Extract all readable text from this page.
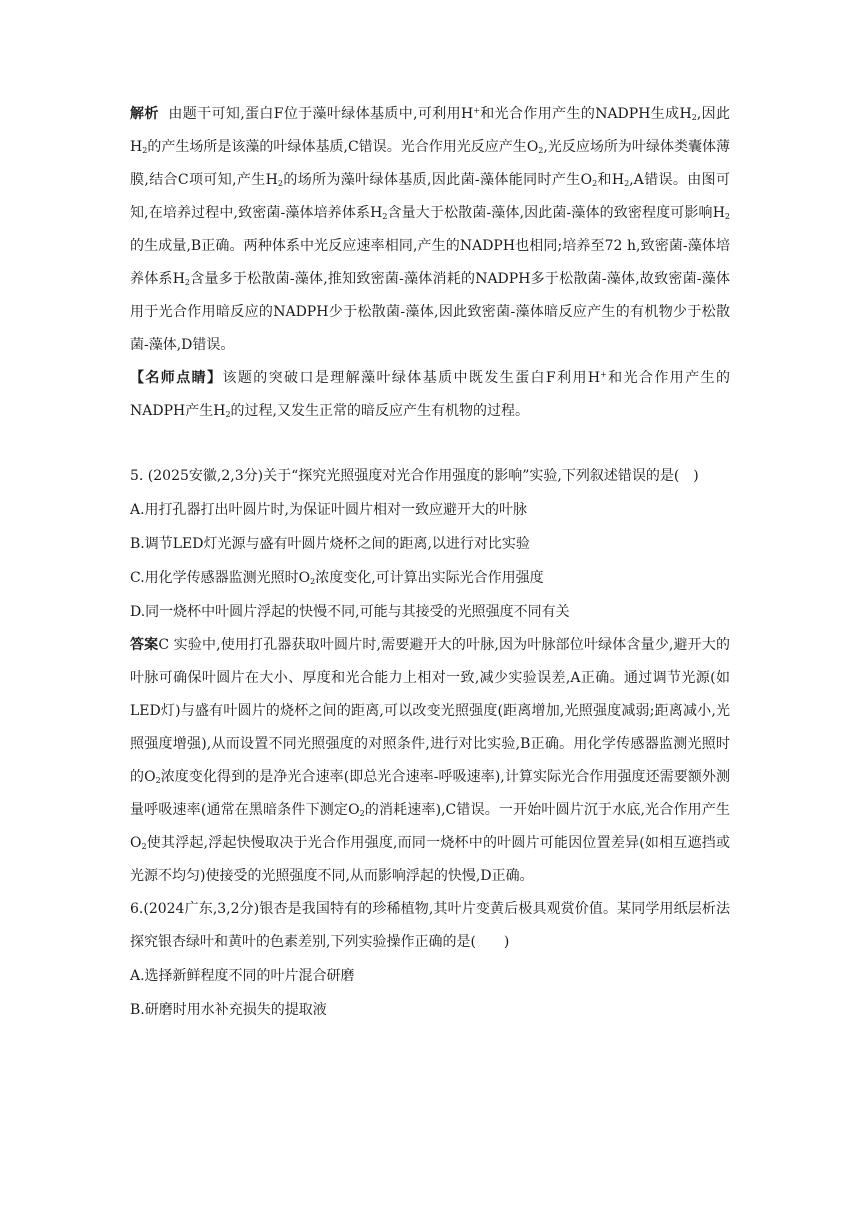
解析 由题干可知,蛋白F位于藻叶绿体基质中,可利用H+和光合作用产生的NADPH生成$H_2$,因此$H_2$的产生场所是该藻的叶绿体基质,C错误。光合作用光反应产生$O_2$,光反应场所为叶绿体类囊体薄膜,结合C项可知,产生$H_2$的场所为藻叶绿体基质,因此菌-藻体能同时产生$O_2$和$H_2,A$错误。由图可知,在培养过程中,致密菌-藻体培养体系$H_2$含量大于松散菌-藻体,因此菌-藻体的致密程度可影响$H_2$的生成量,B正确。两种体系中光反应速率相同,产生的NADPH也相同;培养至72 h,致密菌-藻体培养体系$H_2$含量多于松散菌-藻体,推知致密菌-藻体消耗的NADPH多于松散菌-藻体,故致密菌-藻体用于光合作用暗反应的NADPH少于松散菌-藻体,因此致密菌-藻体暗反应产生的有机物少于松散菌-藻体,D错误。
【名师点睛】该题的突破口是理解藻叶绿体基质中既发生蛋白F利用H+和光合作用产生的NADPH产生$H_2$的过程,又发生正常的暗反应产生有机物的过程。
5. (2025安徽,2,3分)关于“探究光照强度对光合作用强度的影响”实验,下列叙述错误的是(　)
A.用打孔器打出叶圆片时,为保证叶圆片相对一致应避开大的叶脉
B.调节LED灯光源与盛有叶圆片烧杯之间的距离,以进行对比实验
C.用化学传感器监测光照时$O_2$浓度变化,可计算出实际光合作用强度
D.同一烧杯中叶圆片浮起的快慢不同,可能与其接受的光照强度不同有关
答案C 实验中,使用打孔器获取叶圆片时,需要避开大的叶脉,因为叶脉部位叶绿体含量少,避开大的叶脉可确保叶圆片在大小、厚度和光合能力上相对一致,减少实验误差,A正确。通过调节光源(如LED灯)与盛有叶圆片的烧杯之间的距离,可以改变光照强度(距离增加,光照强度减弱;距离减小,光照强度增强),从而设置不同光照强度的对照条件,进行对比实验,B正确。用化学传感器监测光照时的$O_2$浓度变化得到的是净光合速率(即总光合速率-呼吸速率),计算实际光合作用强度还需要额外测量呼吸速率(通常在黑暗条件下测定$O_2$的消耗速率),C错误。一开始叶圆片沉于水底,光合作用产生$O_2$使其浮起,浮起快慢取决于光合作用强度,而同一烧杯中的叶圆片可能因位置差异(如相互遮挡或光源不均匀)使接受的光照强度不同,从而影响浮起的快慢,D正确。
6.(2024广东,3,2分)银杏是我国特有的珍稀植物,其叶片变黄后极具观赏价值。某同学用纸层析法探究银杏绿叶和黄叶的色素差别,下列实验操作正确的是(　　)
A.选择新鲜程度不同的叶片混合研磨
B.研磨时用水补充损失的提取液
